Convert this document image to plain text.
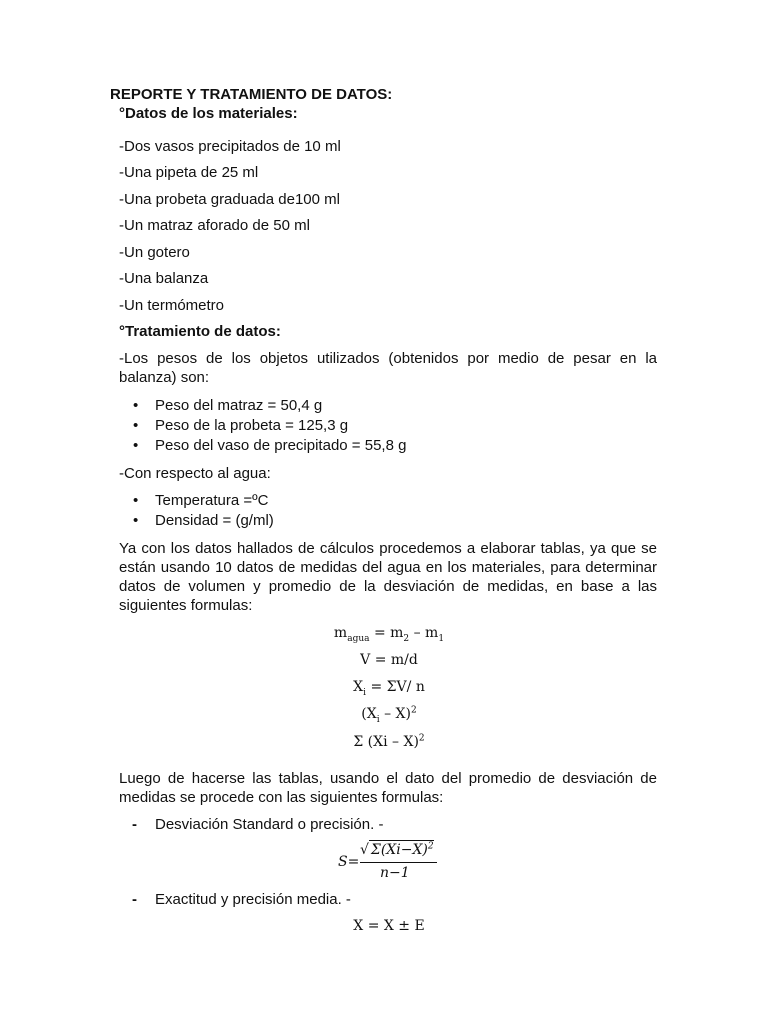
REPORTE Y TRATAMIENTO DE DATOS:
°Datos de los materiales:

-Dos vasos precipitados de 10 ml

-Una pipeta de 25 ml

-Una probeta graduada de100 ml

-Un matraz aforado de 50 ml

-Un gotero

-Una balanza

-Un termómetro

°Tratamiento de datos:

-Los pesos de los objetos utilizados (obtenidos por medio de pesar en la balanza) son:

• Peso del matraz = 50,4 g
• Peso de la probeta = 125,3 g
• Peso del vaso de precipitado = 55,8 g

-Con respecto al agua:

• Temperatura =ºC
• Densidad = (g/ml)

Ya con los datos hallados de cálculos procedemos a elaborar tablas, ya que se están usando 10 datos de medidas del agua en los materiales, para determinar datos de volumen y promedio de la desviación de medidas, en base a las siguientes formulas:

$m_{agua} = m_2 - m_1$

V = m/d

$X_i = \Sigma V/$ n

$(X_i - X)^2$

Σ (Xi – X)$^2$

Luego de hacerse las tablas, usando el dato del promedio de desviación de medidas se procede con las siguientes formulas:

- Desviación Standard o precisión. -
S=
√ $\Sigma(Xi-X)^2$
n−1
- Exactitud y precisión media. -

X = X ± E
